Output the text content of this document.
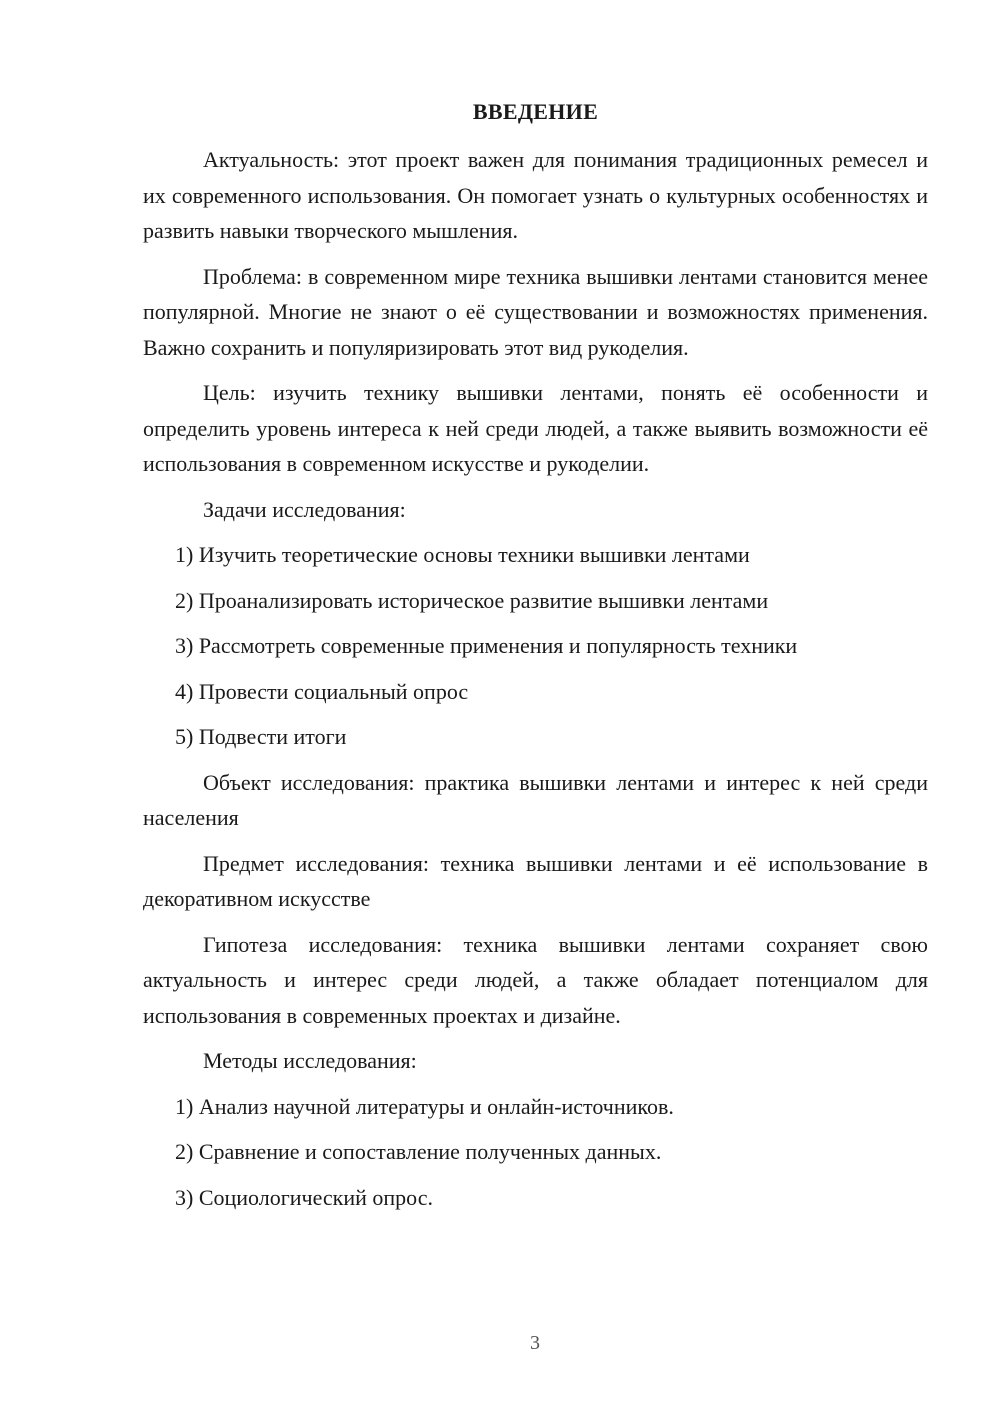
ВВЕДЕНИЕ

Актуальность: этот проект важен для понимания традиционных ремесел и их современного использования. Он помогает узнать о культурных особенностях и развить навыки творческого мышления.

Проблема: в современном мире техника вышивки лентами становится менее популярной. Многие не знают о её существовании и возможностях применения. Важно сохранить и популяризировать этот вид рукоделия.

Цель: изучить технику вышивки лентами, понять её особенности и определить уровень интереса к ней среди людей, а также выявить возможности её использования в современном искусстве и рукоделии.

Задачи исследования:
1) Изучить теоретические основы техники вышивки лентами
2) Проанализировать историческое развитие вышивки лентами
3) Рассмотреть современные применения и популярность техники
4) Провести социальный опрос
5) Подвести итоги

Объект исследования: практика вышивки лентами и интерес к ней среди населения

Предмет исследования: техника вышивки лентами и её использование в декоративном искусстве

Гипотеза исследования: техника вышивки лентами сохраняет свою актуальность и интерес среди людей, а также обладает потенциалом для использования в современных проектах и дизайне.

Методы исследования:
1) Анализ научной литературы и онлайн-источников.
2) Сравнение и сопоставление полученных данных.
3) Социологический опрос.
3
